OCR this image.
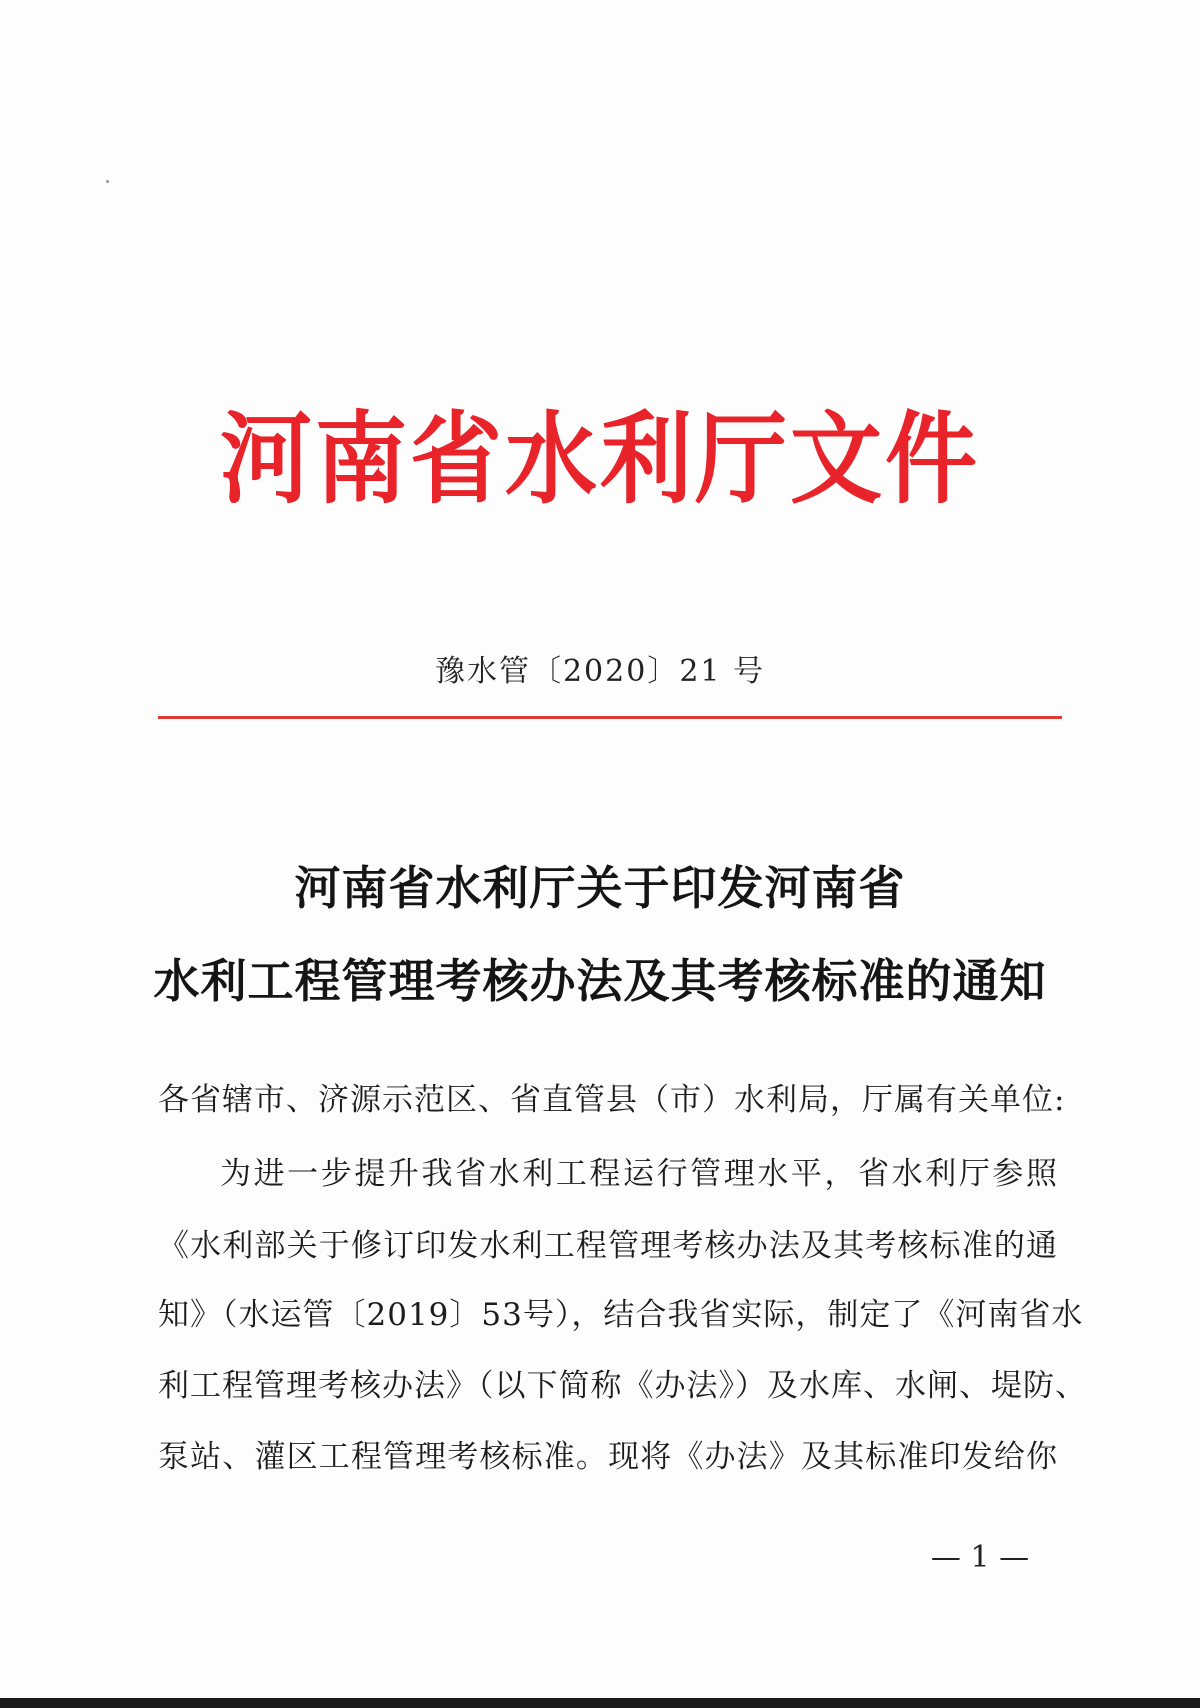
河南省水利厅文件
豫水管〔2020〕21 号
河南省水利厅关于印发河南省
水利工程管理考核办法及其考核标准的通知
各省辖市、济源示范区、省直管县（市）水利局，厅属有关单位:
为进一步提升我省水利工程运行管理水平，省水利厅参照
《水利部关于修订印发水利工程管理考核办法及其考核标准的通
知》（水运管〔2019〕53号），结合我省实际，制定了《河南省水
利工程管理考核办法》（以下简称《办法》）及水库、水闸、堤防、
泵站、灌区工程管理考核标准。现将《办法》及其标准印发给你
— 1 —
